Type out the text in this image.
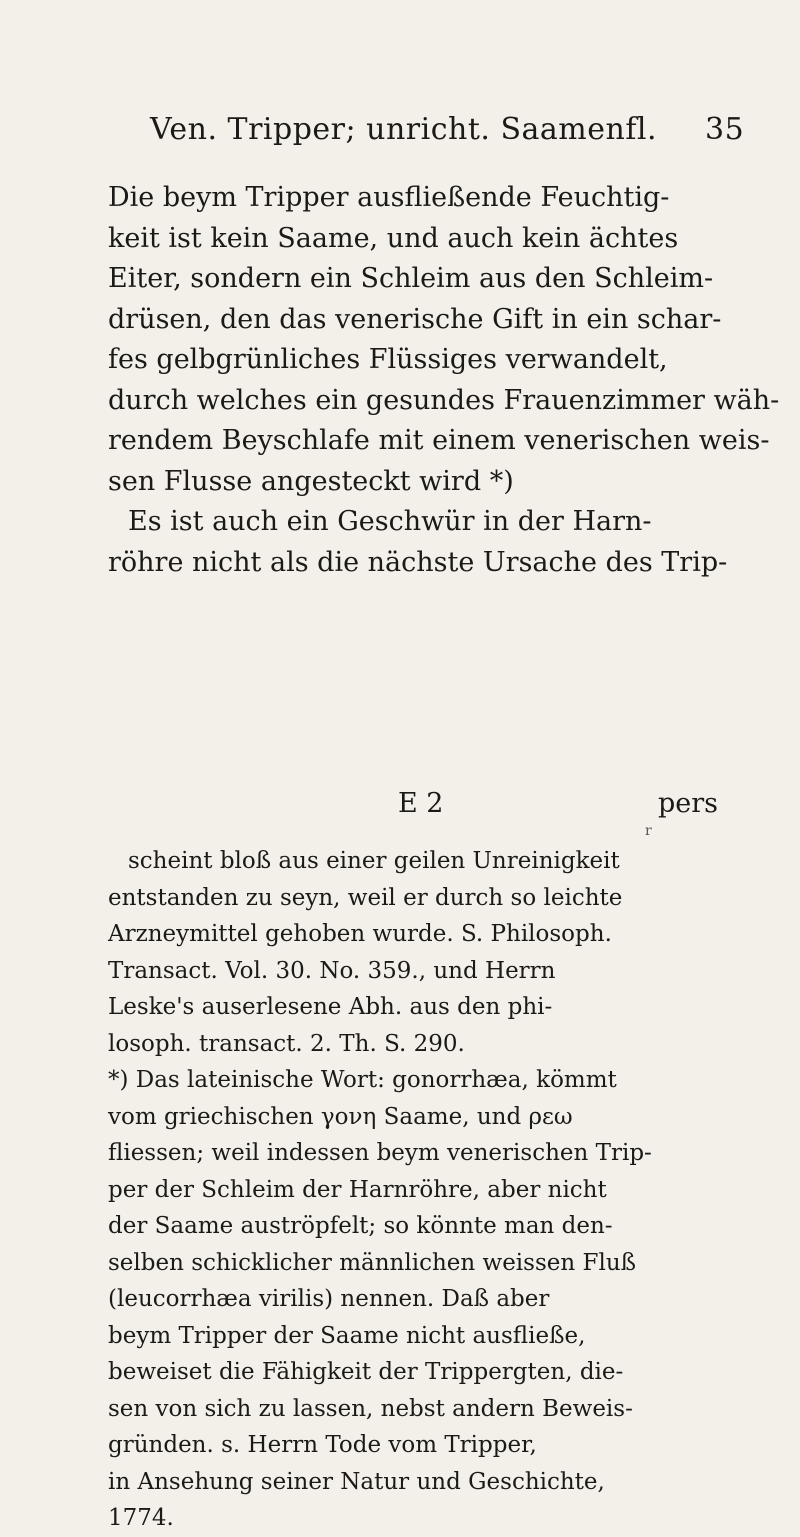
Ven. Tripper; unricht. Saamenfl. 35
Die beym Tripper ausfließende Feuchtig-
keit ist kein Saame, und auch kein ächtes
Eiter, sondern ein Schleim aus den Schleim-
drüsen, den das venerische Gift in ein schar-
fes gelbgrünliches Flüssiges verwandelt,
durch welches ein gesundes Frauenzimmer wäh-
rendem Beyschlafe mit einem venerischen weis-
sen Flusse angesteckt wird *)
Es ist auch ein Geschwür in der Harn-
röhre nicht als die nächste Ursache des Trip-
E 2	pers
r
scheint bloß aus einer geilen Unreinigkeit
entstanden zu seyn, weil er durch so leichte
Arzneymittel gehoben wurde. S. Philosoph.
Transact. Vol. 30. No. 359., und Herrn
Leske's auserlesene Abh. aus den phi-
losoph. transact. 2. Th. S. 290.
*) Das lateinische Wort: gonorrhæa, kömmt
vom griechischen γονη Saame, und ρεω
fliessen; weil indessen beym venerischen Trip-
per der Schleim der Harnröhre, aber nicht
der Saame auströpfelt; so könnte man den-
selben schicklicher männlichen weissen Fluß
(leucorrhæa virilis) nennen. Daß aber
beym Tripper der Saame nicht ausfließe,
beweiset die Fähigkeit der Trippergten, die-
sen von sich zu lassen, nebst andern Beweis-
gründen. s. Herrn Tode vom Tripper,
in Ansehung seiner Natur und Geschichte,
1774.
